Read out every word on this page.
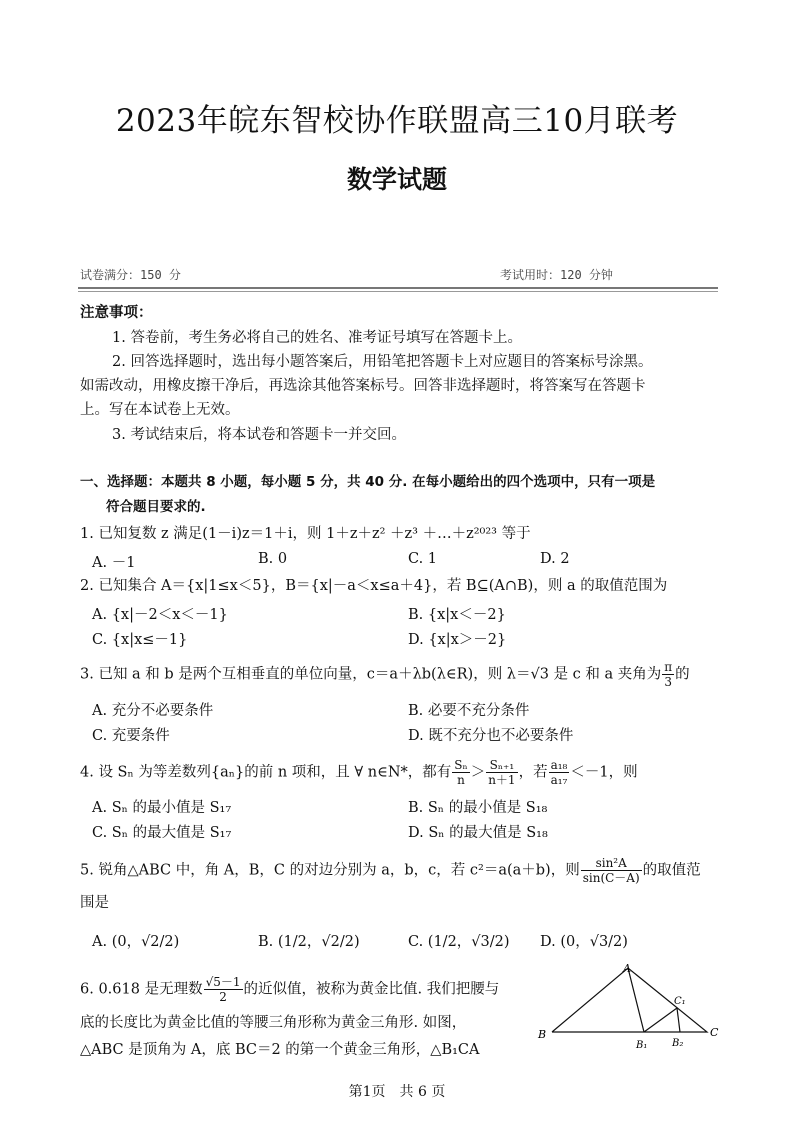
2023年皖东智校协作联盟高三10月联考
数学试题
试卷满分：150 分	考试用时：120 分钟
注意事项：
1. 答卷前，考生务必将自己的姓名、准考证号填写在答题卡上。
2. 回答选择题时，选出每小题答案后，用铅笔把答题卡上对应题目的答案标号涂黑。
如需改动，用橡皮擦干净后，再选涂其他答案标号。回答非选择题时，将答案写在答题卡
上。写在本试卷上无效。
3. 考试结束后，将本试卷和答题卡一并交回。
一、选择题：本题共 8 小题，每小题 5 分，共 40 分. 在每小题给出的四个选项中，只有一项是
符合题目要求的.
1. 已知复数 z 满足(1－i)z＝1＋i，则 1＋z＋z² ＋z³ ＋…＋z²⁰²³ 等于
A. －1	B. 0	C. 1	D. 2
2. 已知集合 A＝{x|1≤x＜5}，B＝{x|－a＜x≤a＋4}，若 B⊆(A∩B)，则 a 的取值范围为
A. {x|－2＜x＜－1}	B. {x|x＜－2}
C. {x|x≤－1}	D. {x|x＞－2}
3. 已知 a 和 b 是两个互相垂直的单位向量，c＝a＋λb(λ∈R)，则 λ＝√3 是 c 和 a 夹角为 $\frac{\pi}{3}$ 的
A. 充分不必要条件	B. 必要不充分条件
C. 充要条件	D. 既不充分也不必要条件
4. 设 Sₙ 为等差数列{aₙ}的前 n 项和，且 ∀ n∈N*，都有 $\frac{\text{Sₙ}}{n} > \frac{\text{Sₙ₊₁}}{n+1}$ ，若 $\frac{\text{a₁₈}}{\text{a₁₇}} <-1$，则
A. Sₙ 的最小值是 S₁₇	B. Sₙ 的最小值是 S₁₈
C. Sₙ 的最大值是 S₁₇	D. Sₙ 的最大值是 S₁₈
5. 锐角△ABC 中，角 A，B，C 的对边分别为 a，b，c，若 c²＝a(a＋b)，则 $\frac{\text{sin²A}}{\sin(C-A)}$ 的取值范
围是
A. (0，√2/2)	B. (1/2，√2/2)	C. (1/2，√3/2) D. (0，√3/2)
6. 0.618 是无理数 $\frac{√5-1}{2}$ 的近似值，被称为黄金比值. 我们把腰与
底的长度比为黄金比值的等腰三角形称为黄金三角形. 如图，
△ABC 是顶角为 A，底 BC＝2 的第一个黄金三角形，△B₁CA
A
B	C
B₁ B₂
C₁
第1页　共 6 页
